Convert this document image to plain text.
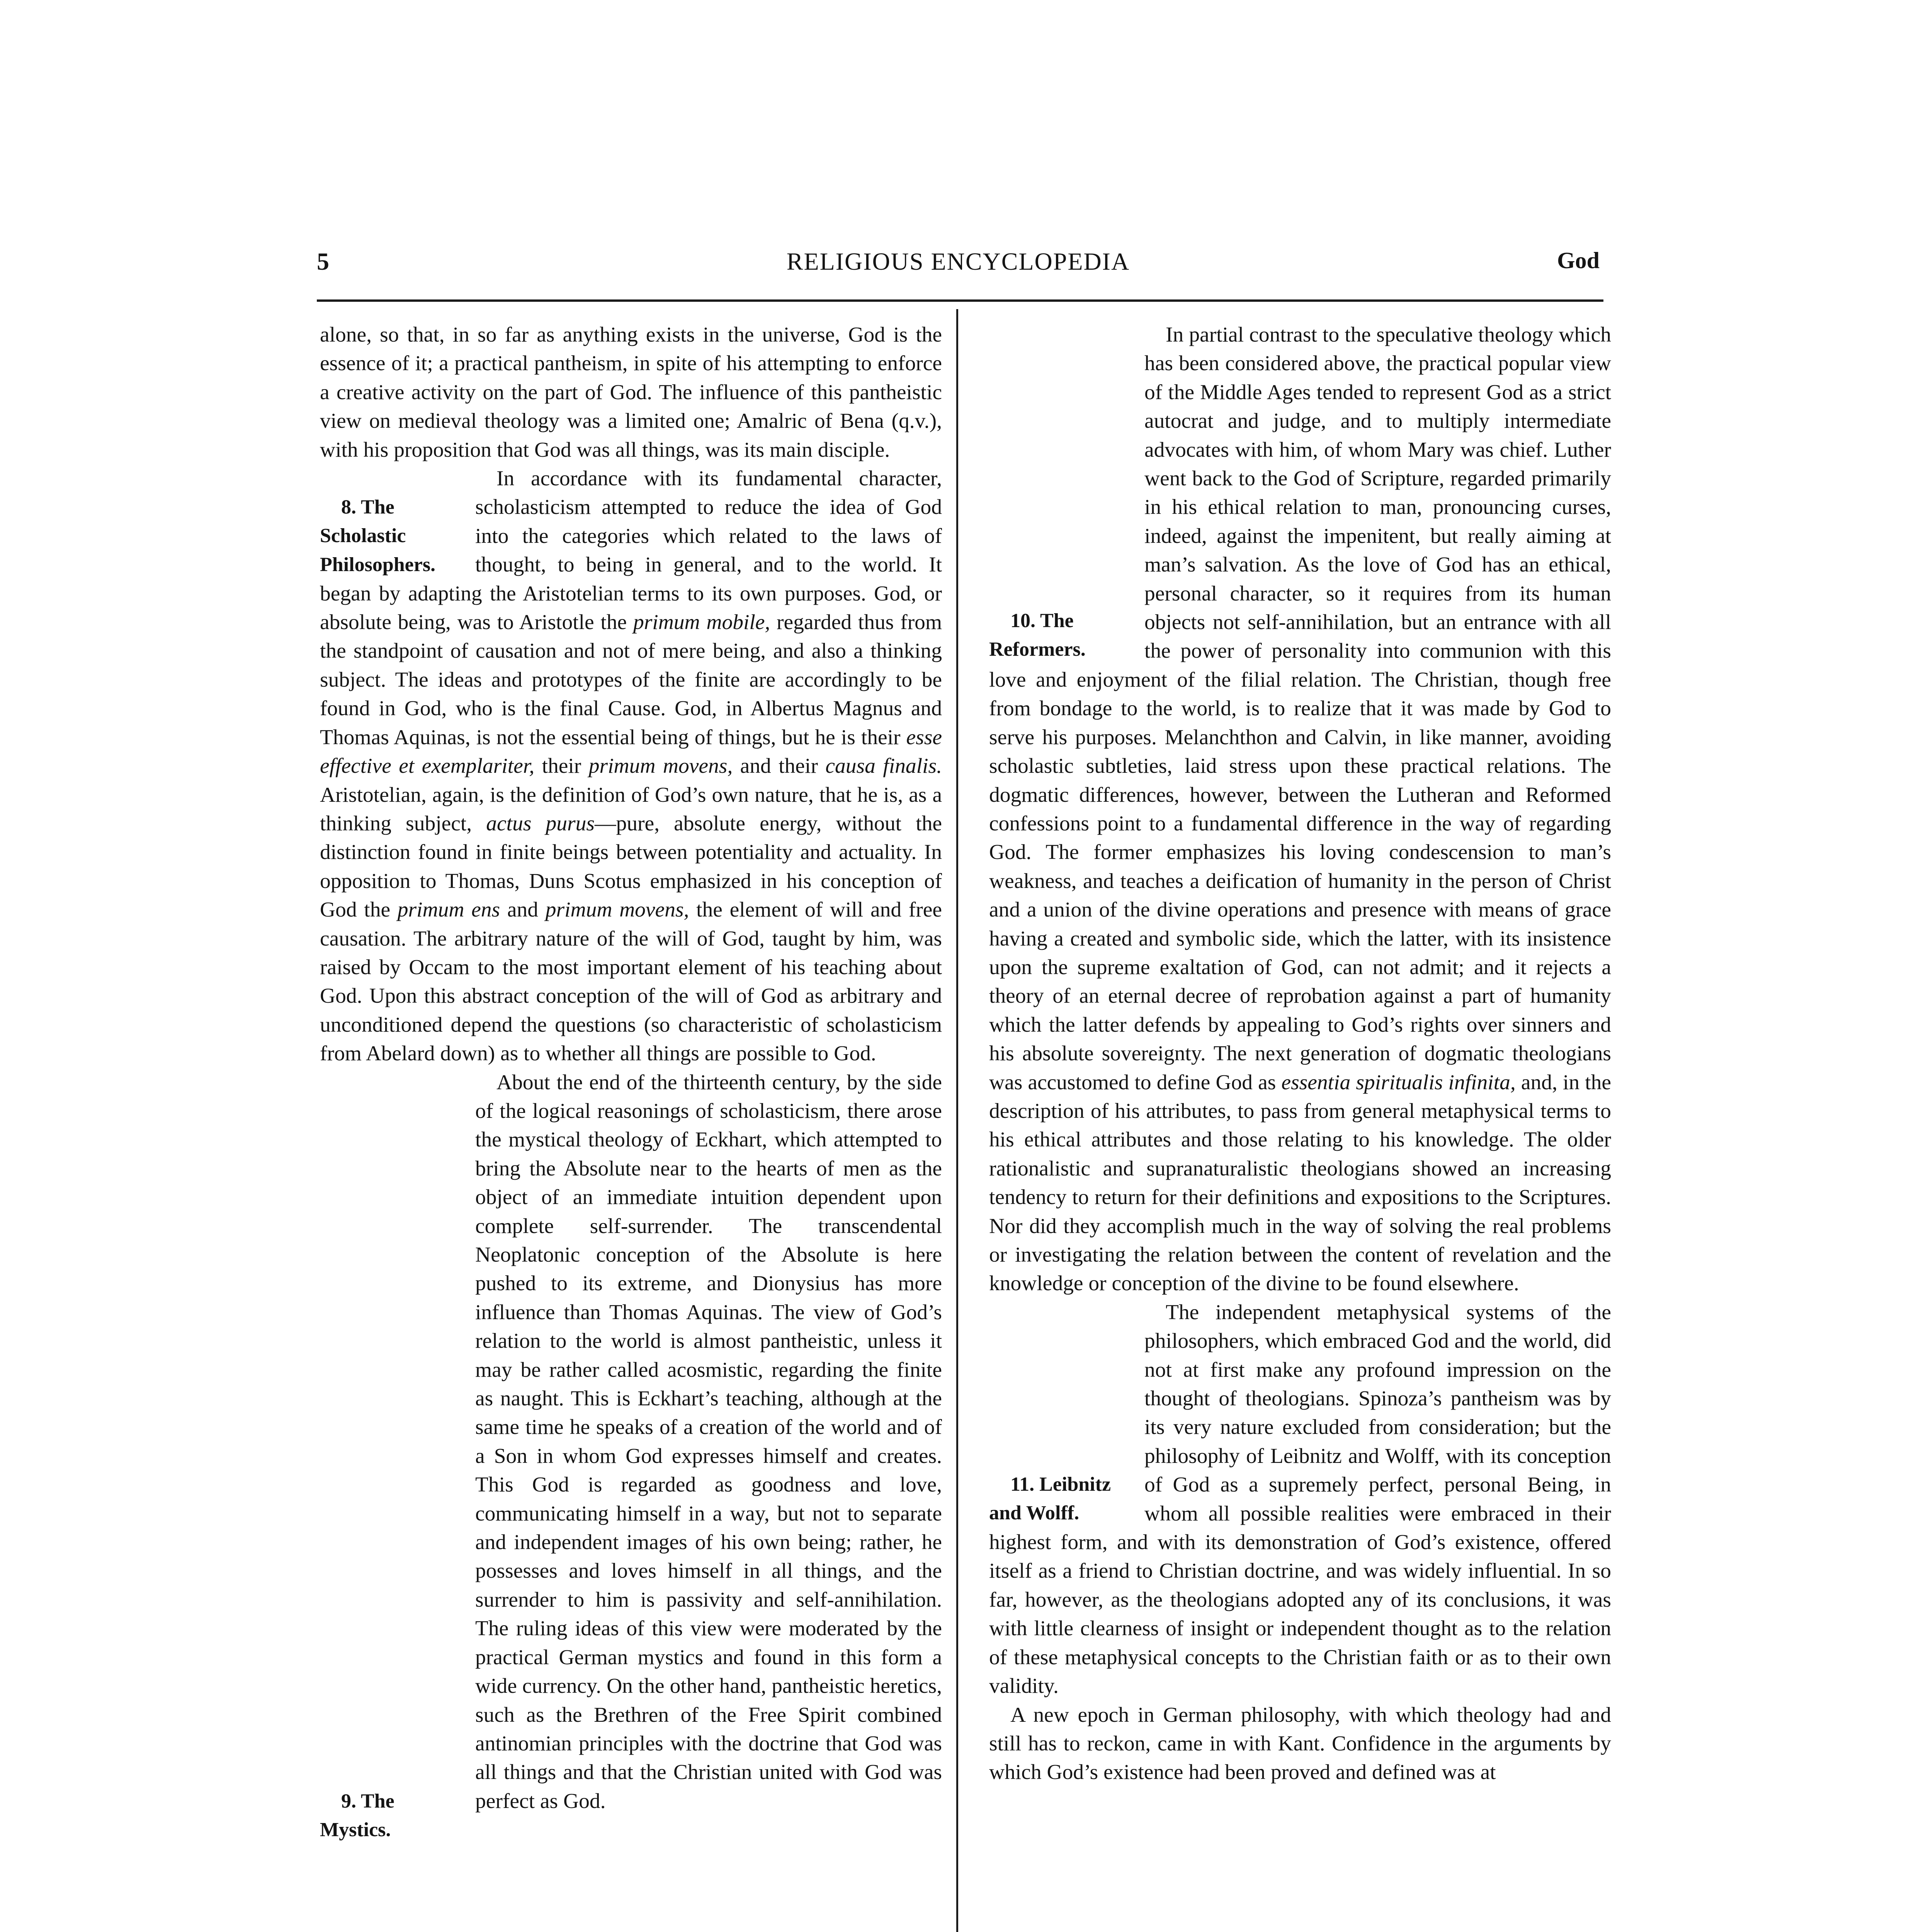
5	RELIGIOUS ENCYCLOPEDIA	God

alone, so that, in so far as anything exists in the universe, God is the essence of it; a practical pantheism, in spite of his attempting to enforce a creative activity on the part of God. The influence of this pantheistic view on medieval theology was a limited one; Amalric of Bena (q.v.), with his proposition that God was all things, was its main disciple.

8. The Scholastic Philosophers.
In accordance with its fundamental character, scholasticism attempted to reduce the idea of God into the categories which related to the laws of thought, to being in general, and to the world. It began by adapting the Aristotelian terms to its own purposes. God, or absolute being, was to Aristotle the primum mobile, regarded thus from the standpoint of causation and not of mere being, and also a thinking subject. The ideas and prototypes of the finite are accordingly to be found in God, who is the final Cause. God, in Albertus Magnus and Thomas Aquinas, is not the essential being of things, but he is their esse effective et exemplariter, their primum movens, and their causa finalis. Aristotelian, again, is the definition of God’s own nature, that he is, as a thinking subject, actus purus—pure, absolute energy, without the distinction found in finite beings between potentiality and actuality. In opposition to Thomas, Duns Scotus emphasized in his conception of God the primum ens and primum movens, the element of will and free causation. The arbitrary nature of the will of God, taught by him, was raised by Occam to the most important element of his teaching about God. Upon this abstract conception of the will of God as arbitrary and unconditioned depend the questions (so characteristic of scholasticism from Abelard down) as to whether all things are possible to God.

9. The Mystics.
About the end of the thirteenth century, by the side of the logical reasonings of scholasticism, there arose the mystical theology of Eckhart, which attempted to bring the Absolute near to the hearts of men as the object of an immediate intuition dependent upon complete self-surrender. The transcendental Neoplatonic conception of the Absolute is here pushed to its extreme, and Dionysius has more influence than Thomas Aquinas. The view of God’s relation to the world is almost pantheistic, unless it may be rather called acosmistic, regarding the finite as naught. This is Eckhart’s teaching, although at the same time he speaks of a creation of the world and of a Son in whom God expresses himself and creates. This God is regarded as goodness and love, communicating himself in a way, but not to separate and independent images of his own being; rather, he possesses and loves himself in all things, and the surrender to him is passivity and self-annihilation. The ruling ideas of this view were moderated by the practical German mystics and found in this form a wide currency. On the other hand, pantheistic heretics, such as the Brethren of the Free Spirit combined antinomian principles with the doctrine that God was all things and that the Christian united with God was perfect as God.

10. The Reformers.
In partial contrast to the speculative theology which has been considered above, the practical popular view of the Middle Ages tended to represent God as a strict autocrat and judge, and to multiply intermediate advocates with him, of whom Mary was chief. Luther went back to the God of Scripture, regarded primarily in his ethical relation to man, pronouncing curses, indeed, against the impenitent, but really aiming at man’s salvation. As the love of God has an ethical, personal character, so it requires from its human objects not self-annihilation, but an entrance with all the power of personality into communion with this love and enjoyment of the filial relation. The Christian, though free from bondage to the world, is to realize that it was made by God to serve his purposes. Melanchthon and Calvin, in like manner, avoiding scholastic subtleties, laid stress upon these practical relations. The dogmatic differences, however, between the Lutheran and Reformed confessions point to a fundamental difference in the way of regarding God. The former emphasizes his loving condescension to man’s weakness, and teaches a deification of humanity in the person of Christ and a union of the divine operations and presence with means of grace having a created and symbolic side, which the latter, with its insistence upon the supreme exaltation of God, can not admit; and it rejects a theory of an eternal decree of reprobation against a part of humanity which the latter defends by appealing to God’s rights over sinners and his absolute sovereignty. The next generation of dogmatic theologians was accustomed to define God as essentia spiritualis infinita, and, in the description of his attributes, to pass from general metaphysical terms to his ethical attributes and those relating to his knowledge. The older rationalistic and supranaturalistic theologians showed an increasing tendency to return for their definitions and expositions to the Scriptures. Nor did they accomplish much in the way of solving the real problems or investigating the relation between the content of revelation and the knowledge or conception of the divine to be found elsewhere.

11. Leibnitz and Wolff.
The independent metaphysical systems of the philosophers, which embraced God and the world, did not at first make any profound impression on the thought of theologians. Spinoza’s pantheism was by its very nature excluded from consideration; but the philosophy of Leibnitz and Wolff, with its conception of God as a supremely perfect, personal Being, in whom all possible realities were embraced in their highest form, and with its demonstration of God’s existence, offered itself as a friend to Christian doctrine, and was widely influential. In so far, however, as the theologians adopted any of its conclusions, it was with little clearness of insight or independent thought as to the relation of these metaphysical concepts to the Christian faith or as to their own validity.

A new epoch in German philosophy, with which theology had and still has to reckon, came in with Kant. Confidence in the arguments by which God’s existence had been proved and defined was at
